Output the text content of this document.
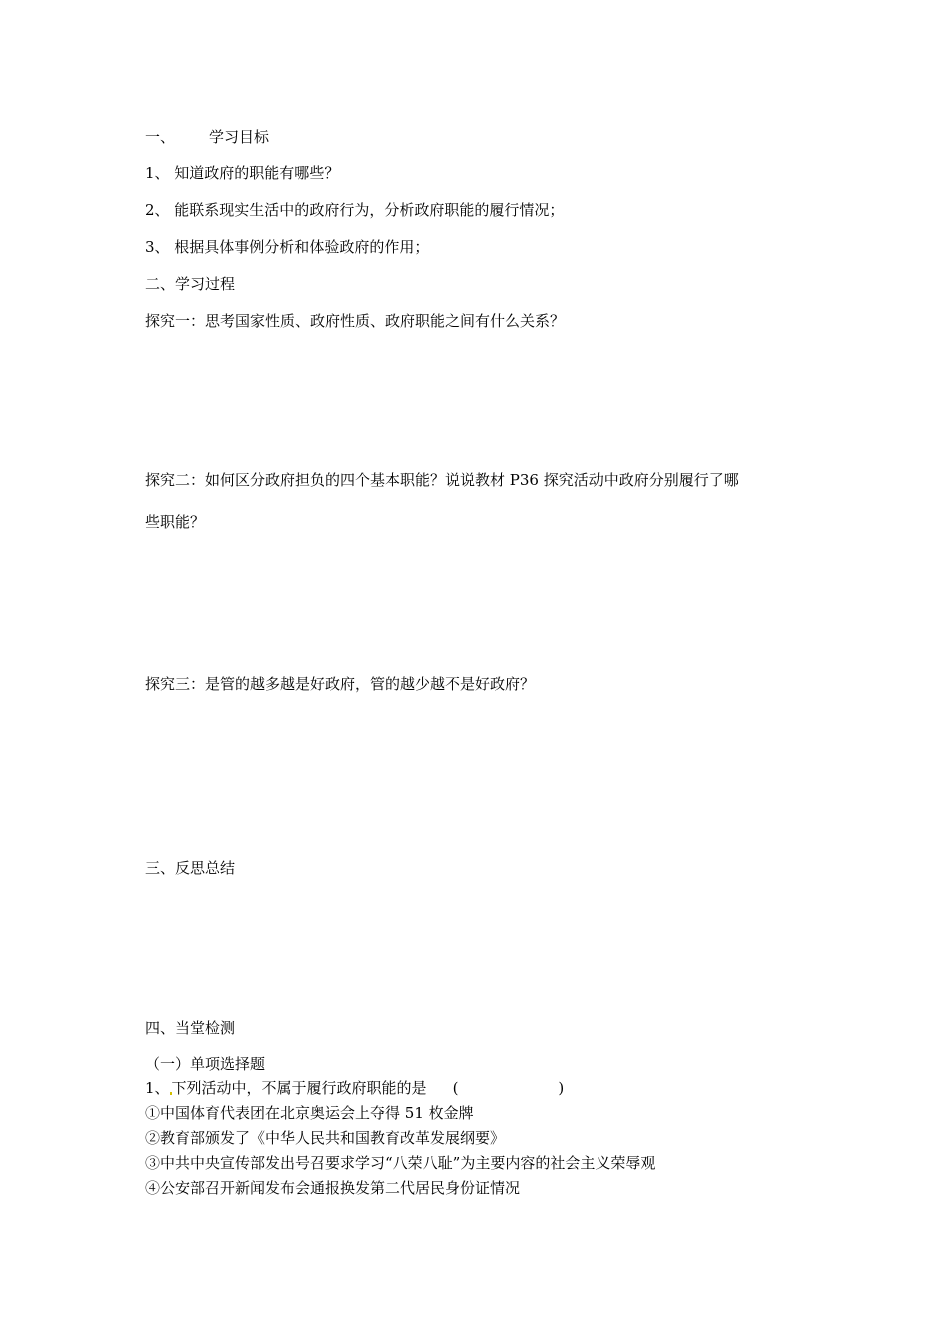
一、 学习目标
1、 知道政府的职能有哪些？
2、 能联系现实生活中的政府行为，分析政府职能的履行情况；
3、 根据具体事例分析和体验政府的作用；
二、学习过程
探究一：思考国家性质、政府性质、政府职能之间有什么关系？
探究二：如何区分政府担负的四个基本职能？说说教材 P36 探究活动中政府分别履行了哪
些职能？
探究三：是管的越多越是好政府，管的越少越不是好政府？
三、反思总结
四、当堂检测
（一）单项选择题
1、 下列活动中，不属于履行政府职能的是 (	)
①中国体育代表团在北京奥运会上夺得 51 枚金牌
②教育部颁发了《中华人民共和国教育改革发展纲要》
③中共中央宣传部发出号召要求学习“八荣八耻”为主要内容的社会主义荣辱观
④公安部召开新闻发布会通报换发第二代居民身份证情况
